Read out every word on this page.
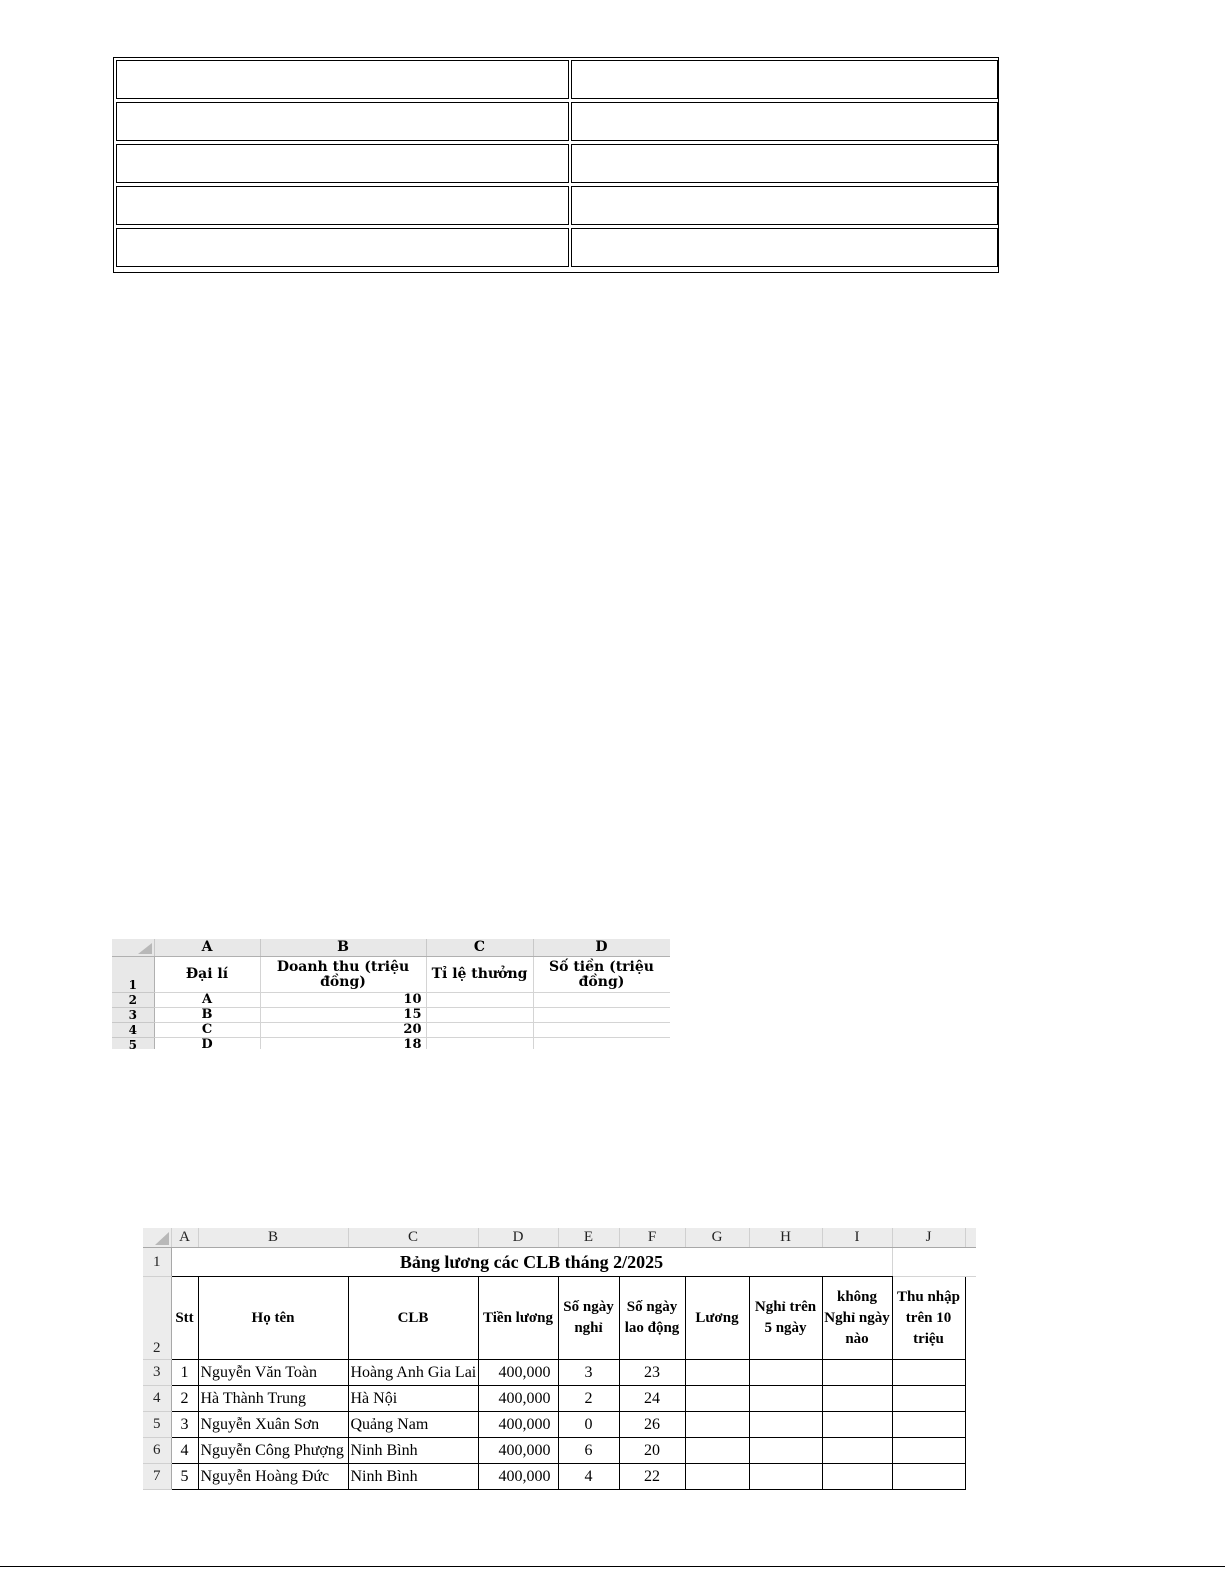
	A	B	C	D
1	Đại lí	Doanh thu (triệu đồng)	Tỉ lệ thưởng	Số tiền (triệu đồng)
2	A	10		
3	B	15		
4	C	20		
5	D	18		
	A	B	C	D	E	F	G	H	I	J	
1	Bảng lương các CLB tháng 2/2025										
2	Stt	Họ tên	CLB	Tiền lương	Số ngày nghỉ	Số ngày lao động	Lương	Nghỉ trên 5 ngày	không Nghỉ ngày nào	Thu nhập trên 10 triệu	
3	1	Nguyễn Văn Toàn	Hoàng Anh Gia Lai	400,000	3	23					
4	2	Hà Thành Trung	Hà Nội	400,000	2	24					
5	3	Nguyễn Xuân Sơn	Quảng Nam	400,000	0	26					
6	4	Nguyễn Công Phượng	Ninh Bình	400,000	6	20					
7	5	Nguyễn Hoàng Đức	Ninh Bình	400,000	4	22					
